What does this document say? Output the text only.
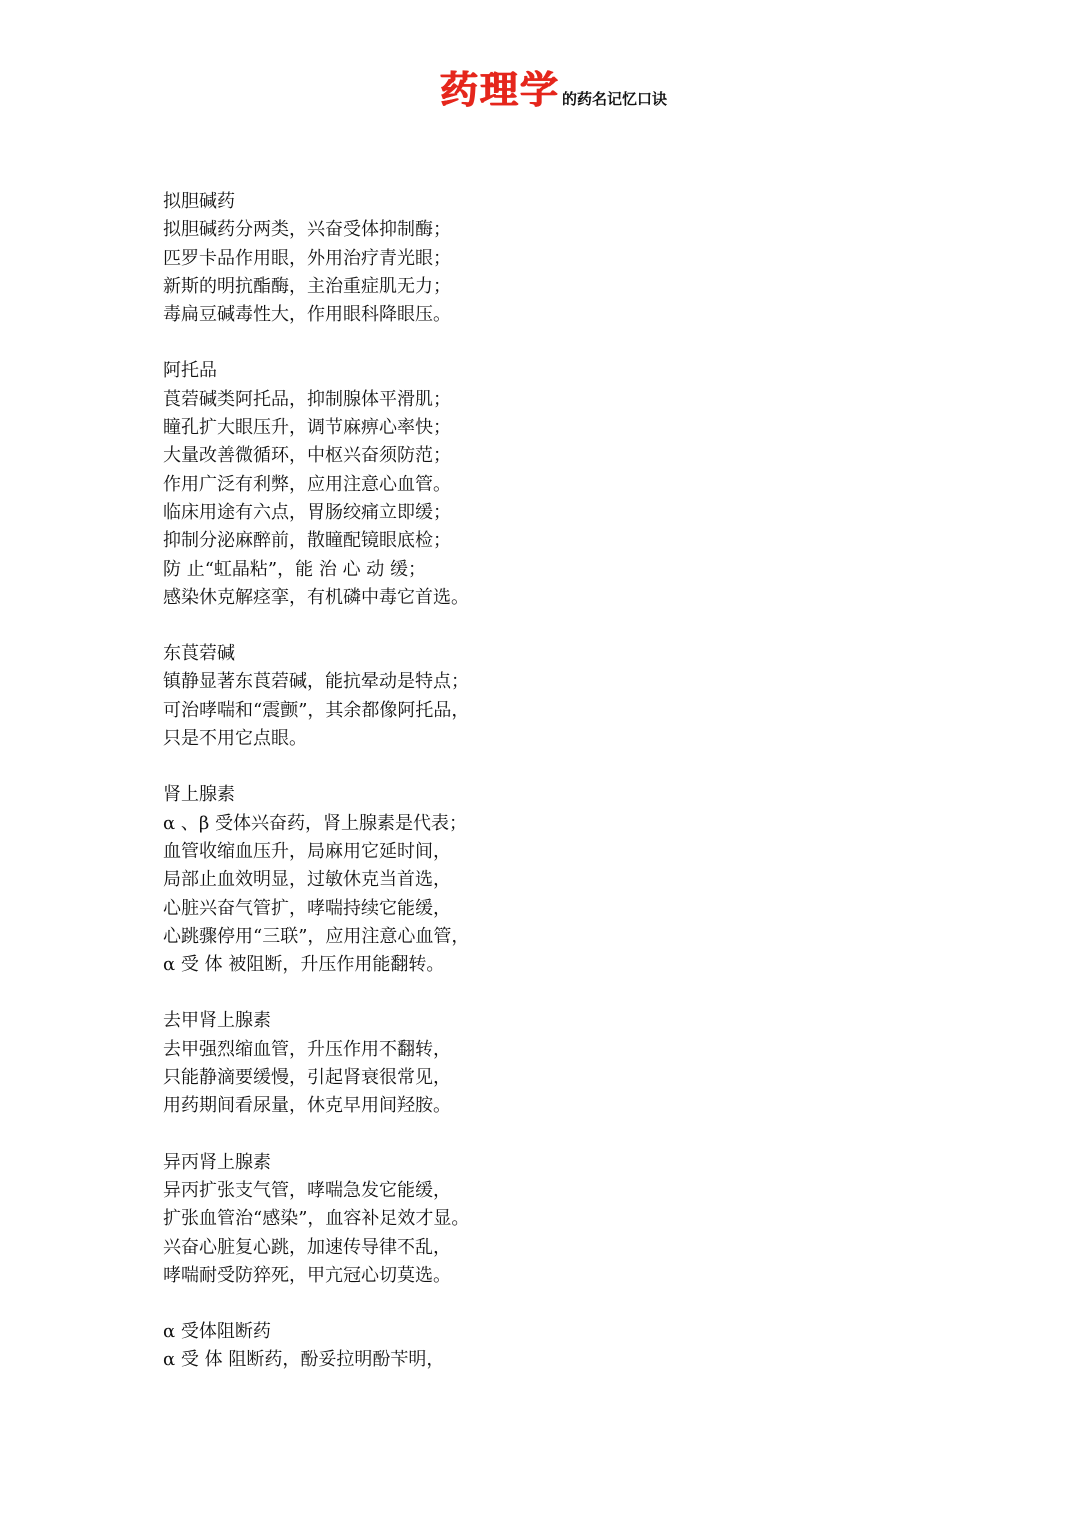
药理学 的药名记忆口诀
拟胆碱药
拟胆碱药分两类，兴奋受体抑制酶；
匹罗卡品作用眼，外用治疗青光眼；
新斯的明抗酯酶，主治重症肌无力；
毒扁豆碱毒性大，作用眼科降眼压。
阿托品
莨菪碱类阿托品，抑制腺体平滑肌；
瞳孔扩大眼压升，调节麻痹心率快；
大量改善微循环，中枢兴奋须防范；
作用广泛有利弊，应用注意心血管。
临床用途有六点，胃肠绞痛立即缓；
抑制分泌麻醉前，散瞳配镜眼底检；
防 止“虹晶粘”，能 治 心 动 缓；
感染休克解痉挛，有机磷中毒它首选。
东莨菪碱
镇静显著东莨菪碱，能抗晕动是特点；
可治哮喘和“震颤”，其余都像阿托品，
只是不用它点眼。
肾上腺素
α 、β 受体兴奋药，肾上腺素是代表；
血管收缩血压升，局麻用它延时间，
局部止血效明显，过敏休克当首选，
心脏兴奋气管扩，哮喘持续它能缓，
心跳骤停用“三联”，应用注意心血管，
α 受 体 被阻断，升压作用能翻转。
去甲肾上腺素
去甲强烈缩血管，升压作用不翻转，
只能静滴要缓慢，引起肾衰很常见，
用药期间看尿量，休克早用间羟胺。
异丙肾上腺素
异丙扩张支气管，哮喘急发它能缓，
扩张血管治“感染”，血容补足效才显。
兴奋心脏复心跳，加速传导律不乱，
哮喘耐受防猝死，甲亢冠心切莫选。
α 受体阻断药
α 受 体 阻断药，酚妥拉明酚苄明，
